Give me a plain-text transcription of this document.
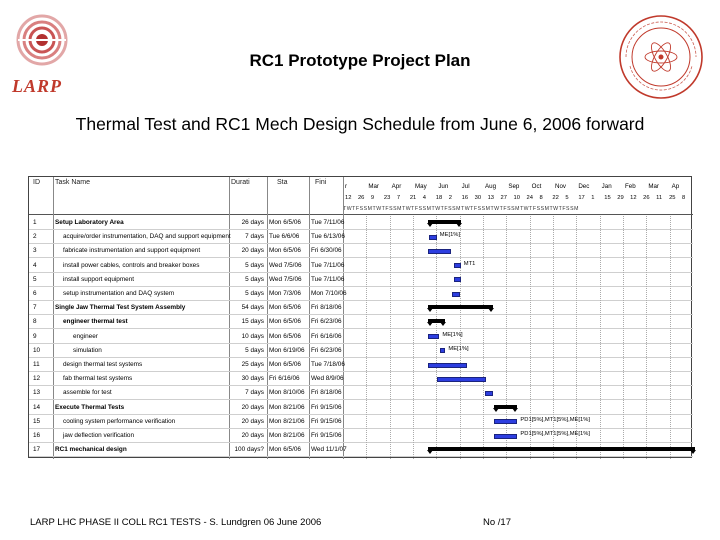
LARP
RC1 Prototype Project Plan
Thermal Test and RC1 Mech Design Schedule from June 6, 2006 forward
ID Task Name	Durati	Sta	Fini
r	Mar Apr May Jun Jul Aug Sep Oct Nov Dec Jan Feb Mar Ap
12 26 9 23 7 21 4 18 2 16 30 13 27 10 24 8 22 5 17 1 15 29 12 26 11 25 8
TWTFSSMTWTFSSMTWTFSSMTWTFSSMTWTFSSMTWTFSSMTWTFSSMTWTFSSM
1	Setup Laboratory Area	26 days Mon 6/5/06	Tue 7/11/06
2	acquire/order instrumentation, DAQ and support equipment	7 days Tue 6/6/06	Tue 6/13/06
3	fabricate instrumentation and support equipment	20 days Mon 6/5/06	Fri 6/30/06
4	install power cables, controls and breaker boxes	5 days Wed 7/5/06	Tue 7/11/06
5	install support equipment	5 days Wed 7/5/06	Tue 7/11/06
6	setup instrumentation and DAQ system	5 days Mon 7/3/06	Mon 7/10/06
7	Single Jaw Thermal Test System Assembly	54 days Mon 6/5/06	Fri 8/18/06
8	engineer thermal test	15 days Mon 6/5/06	Fri 6/23/06
9	engineer	10 days Mon 6/5/06	Fri 6/16/06
10	simulation	5 days Mon 6/19/06	Fri 6/23/06
11	design thermal test systems	25 days Mon 6/5/06	Tue 7/18/06
12	fab thermal test systems	30 days Fri 6/16/06	Wed 8/9/06
13	assemble for test	7 days Mon 8/10/06	Fri 8/18/06
14	Execute Thermal Tests	20 days Mon 8/21/06	Fri 9/15/06
15	cooling system performance verification	20 days Mon 8/21/06	Fri 9/15/06
16	jaw deflection verification	20 days Mon 8/21/06	Fri 9/15/06
17	RC1 mechanical design	100 days? Mon 6/5/06	Wed 11/1/07
ME[1%]
MT1
ME[1%]
ME[1%]
PD1[5%],MT1[5%],ME[1%]
PD1[5%],MT1[5%],ME[1%]
LARP LHC PHASE II COLL RC1 TESTS - S. Lundgren 06 June 2006	No /17
